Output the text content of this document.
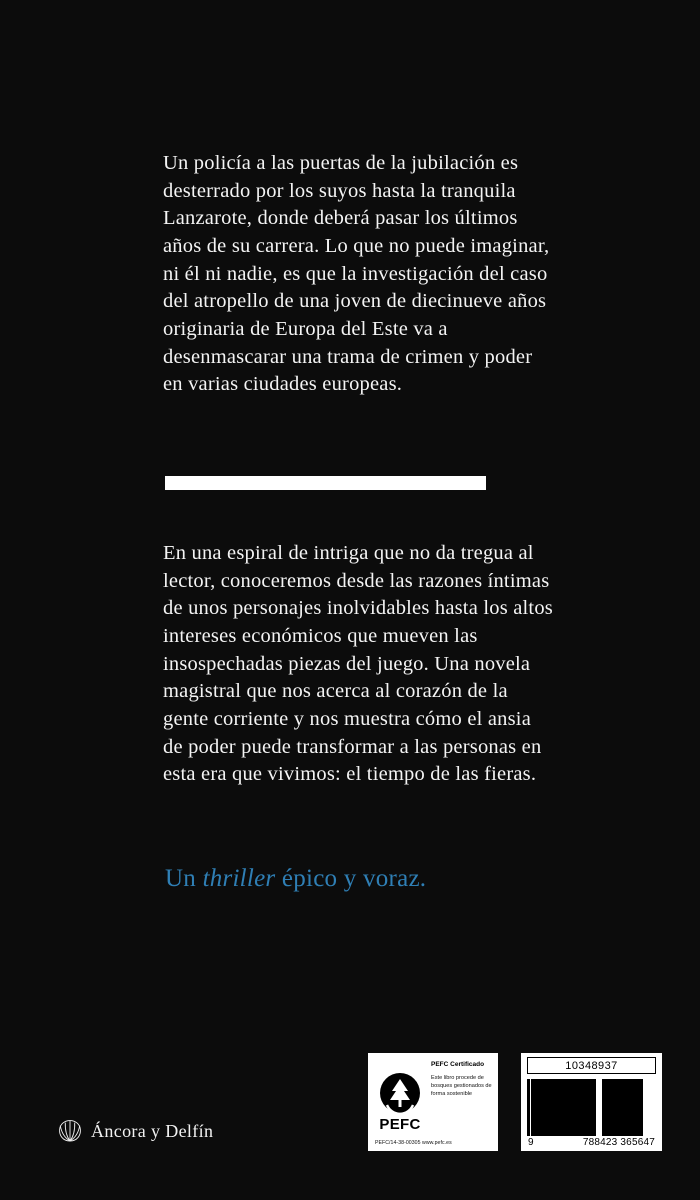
Un policía a las puertas de la jubilación es desterrado por los suyos hasta la tranquila Lanzarote, donde deberá pasar los últimos años de su carrera. Lo que no puede imaginar, ni él ni nadie, es que la investigación del caso del atropello de una joven de diecinueve años originaria de Europa del Este va a desenmascarar una trama de crimen y poder en varias ciudades europeas.

En una espiral de intriga que no da tregua al lector, conoceremos desde las razones íntimas de unos personajes inolvidables hasta los altos intereses económicos que mueven las insospechadas piezas del juego. Una novela magistral que nos acerca al corazón de la gente corriente y nos muestra cómo el ansia de poder puede transformar a las personas en esta era que vivimos: el tiempo de las fieras.

Un thriller épico y voraz.
Áncora y Delfín	PEFC
PEFC Certificado
Este libro procede de bosques gestionados de forma sostenible
PEFC/14-38-00305 www.pefc.es
10348937
9	788423 365647
